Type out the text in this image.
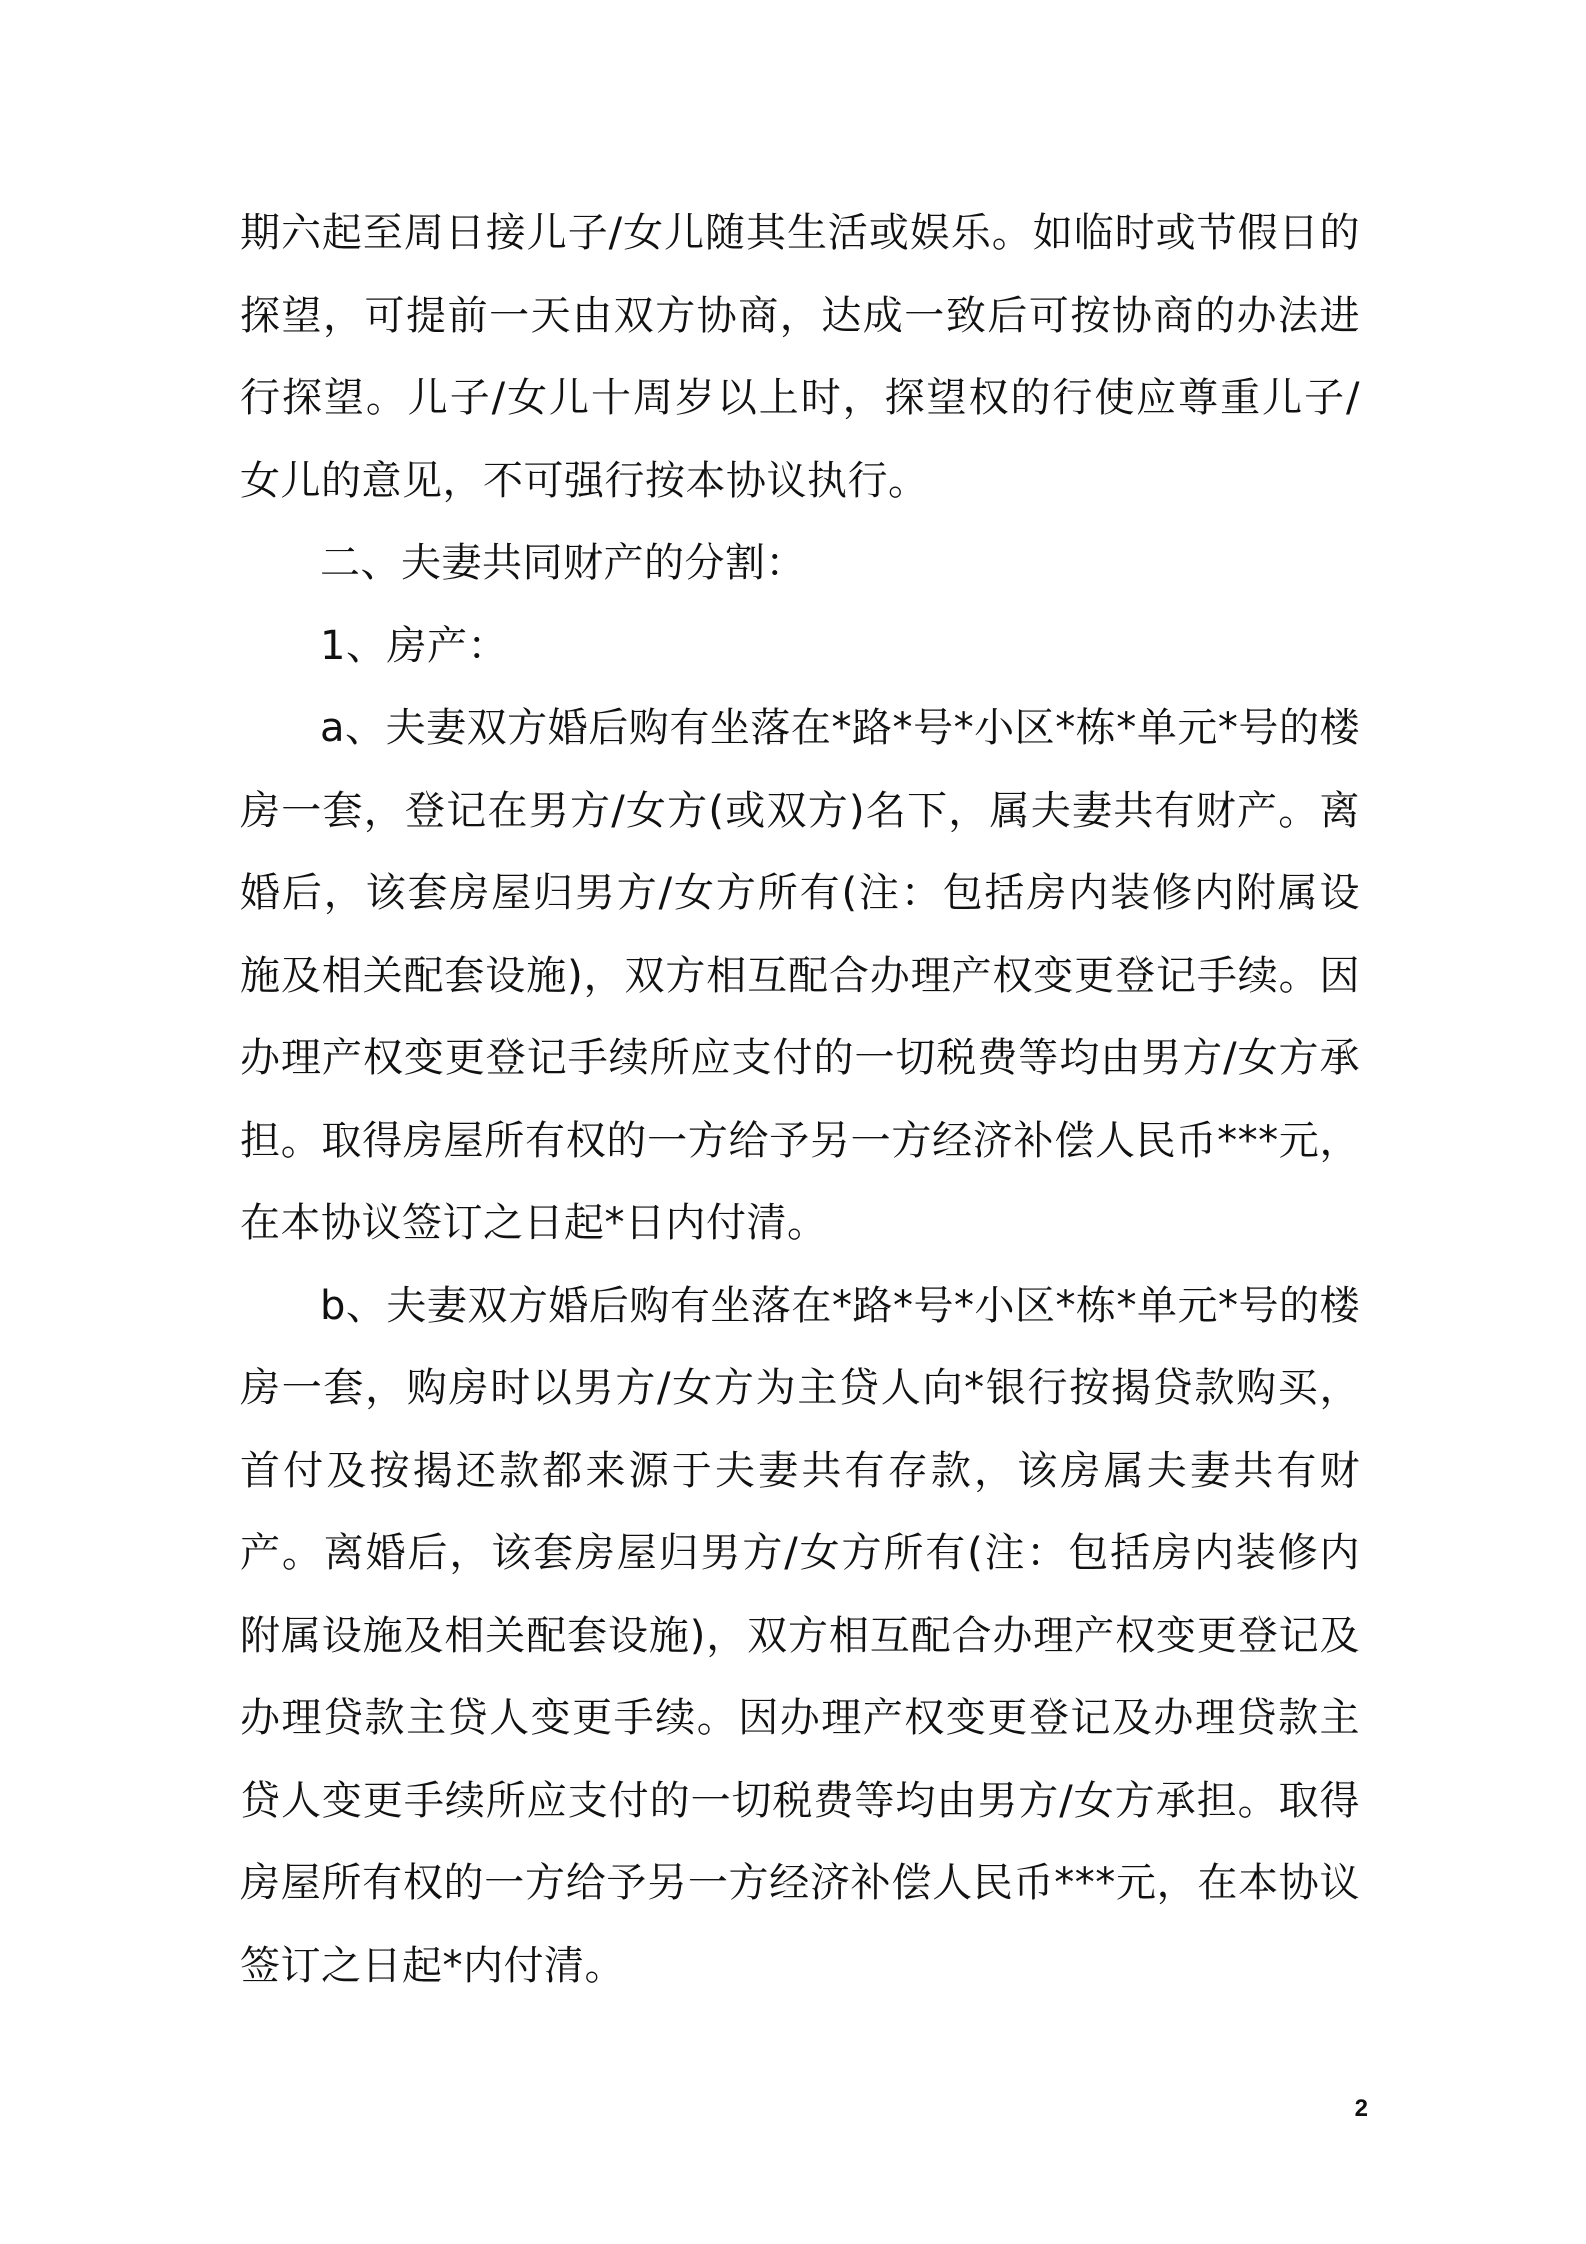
期六起至周日接儿子/女儿随其生活或娱乐。如临时或节假日的探望，可提前一天由双方协商，达成一致后可按协商的办法进行探望。儿子/女儿十周岁以上时，探望权的行使应尊重儿子/女儿的意见，不可强行按本协议执行。

二、夫妻共同财产的分割：

1、房产：

a、夫妻双方婚后购有坐落在*路*号*小区*栋*单元*号的楼房一套，登记在男方/女方(或双方)名下，属夫妻共有财产。离婚后，该套房屋归男方/女方所有(注：包括房内装修内附属设施及相关配套设施)，双方相互配合办理产权变更登记手续。因办理产权变更登记手续所应支付的一切税费等均由男方/女方承担。取得房屋所有权的一方给予另一方经济补偿人民币***元，在本协议签订之日起*日内付清。

b、夫妻双方婚后购有坐落在*路*号*小区*栋*单元*号的楼房一套，购房时以男方/女方为主贷人向*银行按揭贷款购买，首付及按揭还款都来源于夫妻共有存款，该房属夫妻共有财产。离婚后，该套房屋归男方/女方所有(注：包括房内装修内附属设施及相关配套设施)，双方相互配合办理产权变更登记及办理贷款主贷人变更手续。因办理产权变更登记及办理贷款主贷人变更手续所应支付的一切税费等均由男方/女方承担。取得房屋所有权的一方给予另一方经济补偿人民币***元，在本协议签订之日起*内付清。

2
